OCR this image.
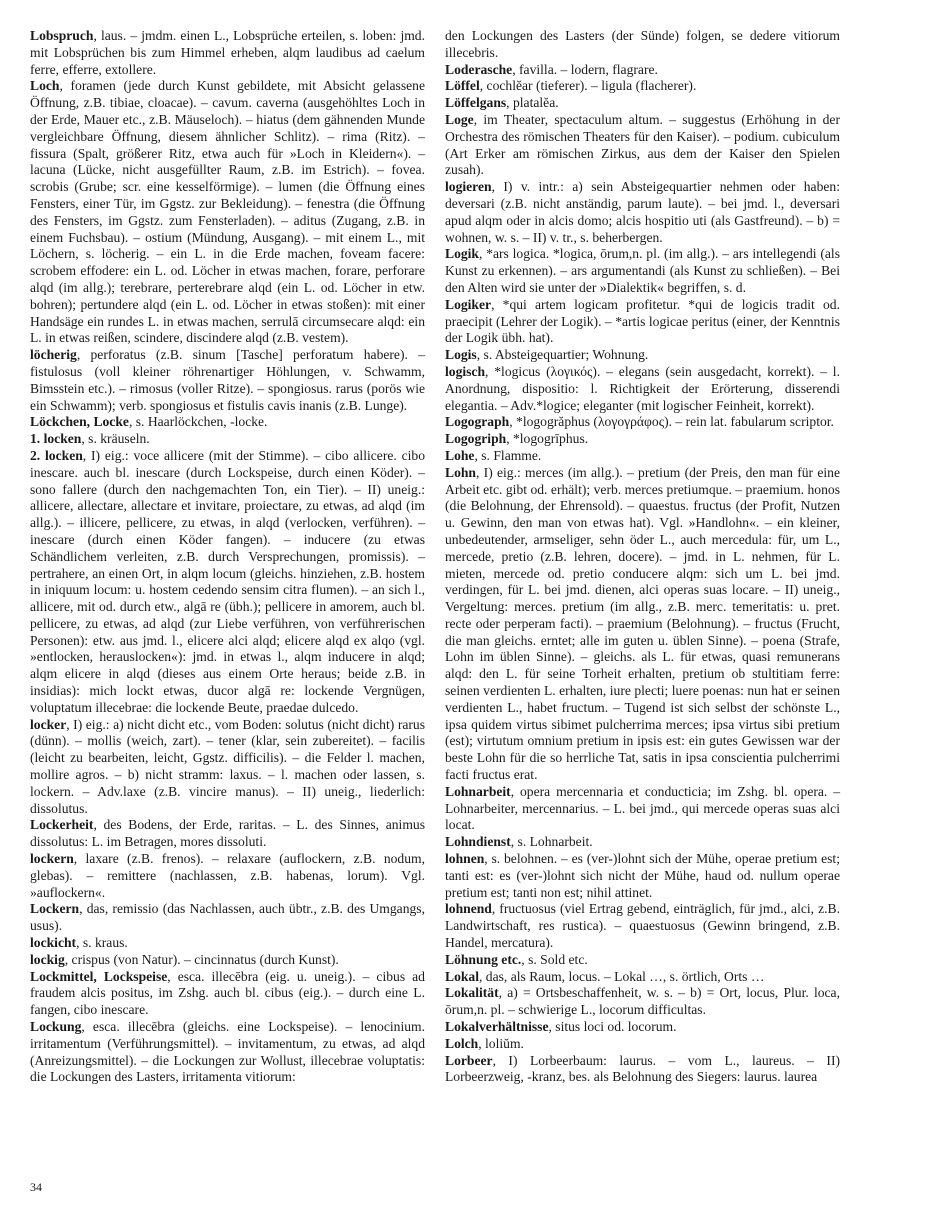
Lobspruch, laus. – jmdm. einen L., Lobsprüche erteilen, s. loben: jmd. mit Lobsprüchen bis zum Himmel erheben, alqm laudibus ad caelum ferre, efferre, extollere.

Loch, foramen (jede durch Kunst gebildete, mit Absicht gelassene Öffnung, z.B. tibiae, cloacae). – cavum. caverna (ausgehöhltes Loch in der Erde, Mauer etc., z.B. Mäuseloch). – hiatus (dem gähnenden Munde vergleichbare Öffnung, diesem ähnlicher Schlitz). – rima (Ritz). – fissura (Spalt, größerer Ritz, etwa auch für »Loch in Kleidern«). – lacuna (Lücke, nicht ausgefüllter Raum, z.B. im Estrich). – fovea. scrobis (Grube; scr. eine kesselförmige). – lumen (die Öffnung eines Fensters, einer Tür, im Ggstz. zur Bekleidung). – fenestra (die Öffnung des Fensters, im Ggstz. zum Fensterladen). – aditus (Zugang, z.B. in einem Fuchsbau). – ostium (Mündung, Ausgang). – mit einem L., mit Löchern, s. löcherig. – ein L. in die Erde machen, foveam facere: scrobem effodere: ein L. od. Löcher in etwas machen, forare, perforare alqd (im allg.); terebrare, perterebrare alqd (ein L. od. Löcher in etw. bohren); pertundere alqd (ein L. od. Löcher in etwas stoßen): mit einer Handsäge ein rundes L. in etwas machen, serrulā circumsecare alqd: ein L. in etwas reißen, scindere, discindere alqd (z.B. vestem).

löcherig, perforatus (z.B. sinum [Tasche] perforatum habere). – fistulosus (voll kleiner röhrenartiger Höhlungen, v. Schwamm, Bimsstein etc.). – rimosus (voller Ritze). – spongiosus. rarus (porös wie ein Schwamm); verb. spongiosus et fistulis cavis inanis (z.B. Lunge).

Löckchen, Locke, s. Haarlöckchen, -locke.

1. locken, s. kräuseln.

2. locken, I) eig.: voce allicere (mit der Stimme). – cibo allicere. cibo inescare. auch bl. inescare (durch Lockspeise, durch einen Köder). – sono fallere (durch den nachgemachten Ton, ein Tier). – II) uneig.: allicere, allectare, allectare et invitare, proiectare, zu etwas, ad alqd (im allg.). – illicere, pellicere, zu etwas, in alqd (verlocken, verführen). – inescare (durch einen Köder fangen). – inducere (zu etwas Schändlichem verleiten, z.B. durch Versprechungen, promissis). – pertrahere, an einen Ort, in alqm locum (gleichs. hinziehen, z.B. hostem in iniquum locum: u. hostem cedendo sensim citra flumen). – an sich l., allicere, mit od. durch etw., algā re (übh.); pellicere in amorem, auch bl. pellicere, zu etwas, ad alqd (zur Liebe verführen, von verführerischen Personen): etw. aus jmd. l., elicere alci alqd; elicere alqd ex alqo (vgl. »entlocken, herauslocken«): jmd. in etwas l., alqm inducere in alqd; alqm elicere in alqd (dieses aus einem Orte heraus; beide z.B. in insidias): mich lockt etwas, ducor algā re: lockende Vergnügen, voluptatum illecebrae: die lockende Beute, praedae dulcedo.

locker, I) eig.: a) nicht dicht etc., vom Boden: solutus (nicht dicht) rarus (dünn). – mollis (weich, zart). – tener (klar, sein zubereitet). – facilis (leicht zu bearbeiten, leicht, Ggstz. difficilis). – die Felder l. machen, mollire agros. – b) nicht stramm: laxus. – l. machen oder lassen, s. lockern. – Adv.laxe (z.B. vincire manus). – II) uneig., liederlich: dissolutus.

Lockerheit, des Bodens, der Erde, raritas. – L. des Sinnes, animus dissolutus: L. im Betragen, mores dissoluti.

lockern, laxare (z.B. frenos). – relaxare (auflockern, z.B. nodum, glebas). – remittere (nachlassen, z.B. habenas, lorum). Vgl. »auflockern«.

Lockern, das, remissio (das Nachlassen, auch übtr., z.B. des Umgangs, usus).

lockicht, s. kraus.

lockig, crispus (von Natur). – cincinnatus (durch Kunst).

Lockmittel, Lockspeise, esca. illecēbra (eig. u. uneig.). – cibus ad fraudem alcis positus, im Zshg. auch bl. cibus (eig.). – durch eine L. fangen, cibo inescare.

Lockung, esca. illecēbra (gleichs. eine Lockspeise). – lenocinium. irritamentum (Verführungsmittel). – invitamentum, zu etwas, ad alqd (Anreizungsmittel). – die Lockungen zur Wollust, illecebrae voluptatis: die Lockungen des Lasters, irritamenta vitiorum:

den Lockungen des Lasters (der Sünde) folgen, se dedere vitiorum illecebris.

Loderasche, favilla. – lodern, flagrare.

Löffel, cochlĕar (tieferer). – ligula (flacherer).

Löffelgans, platalĕa.

Loge, im Theater, spectaculum altum. – suggestus (Erhöhung in der Orchestra des römischen Theaters für den Kaiser). – podium. cubiculum (Art Erker am römischen Zirkus, aus dem der Kaiser den Spielen zusah).

logieren, I) v. intr.: a) sein Absteigequartier nehmen oder haben: deversari (z.B. nicht anständig, parum laute). – bei jmd. l., deversari apud alqm oder in alcis domo; alcis hospitio uti (als Gastfreund). – b) = wohnen, w. s. – II) v. tr., s. beherbergen.

Logik, *ars logica. *logica, ōrum,n. pl. (im allg.). – ars intellegendi (als Kunst zu erkennen). – ars argumentandi (als Kunst zu schließen). – Bei den Alten wird sie unter der »Dialektik« begriffen, s. d.

Logiker, *qui artem logicam profitetur. *qui de logicis tradit od. praecipit (Lehrer der Logik). – *artis logicae peritus (einer, der Kenntnis der Logik übh. hat).

Logis, s. Absteigequartier; Wohnung.

logisch, *logicus (λογικός). – elegans (sein ausgedacht, korrekt). – l. Anordnung, dispositio: l. Richtigkeit der Erörterung, disserendi elegantia. – Adv.*logice; eleganter (mit logischer Feinheit, korrekt).

Logograph, *logogrăphus (λογογράφος). – rein lat. fabularum scriptor.

Logogriph, *logogrīphus.

Lohe, s. Flamme.

Lohn, I) eig.: merces (im allg.). – pretium (der Preis, den man für eine Arbeit etc. gibt od. erhält); verb. merces pretiumque. – praemium. honos (die Belohnung, der Ehrensold). – quaestus. fructus (der Profit, Nutzen u. Gewinn, den man von etwas hat). Vgl. »Handlohn«. – ein kleiner, unbedeutender, armseliger, sehn öder L., auch mercedula: für, um L., mercede, pretio (z.B. lehren, docere). – jmd. in L. nehmen, für L. mieten, mercede od. pretio conducere alqm: sich um L. bei jmd. verdingen, für L. bei jmd. dienen, alci operas suas locare. – II) uneig., Vergeltung: merces. pretium (im allg., z.B. merc. temeritatis: u. pret. recte oder perperam facti). – praemium (Belohnung). – fructus (Frucht, die man gleichs. erntet; alle im guten u. üblen Sinne). – poena (Strafe, Lohn im üblen Sinne). – gleichs. als L. für etwas, quasi remunerans alqd: den L. für seine Torheit erhalten, pretium ob stultitiam ferre: seinen verdienten L. erhalten, iure plecti; luere poenas: nun hat er seinen verdienten L., habet fructum. – Tugend ist sich selbst der schönste L., ipsa quidem virtus sibimet pulcherrima merces; ipsa virtus sibi pretium (est); virtutum omnium pretium in ipsis est: ein gutes Gewissen war der beste Lohn für die so herrliche Tat, satis in ipsa conscientia pulcherrimi facti fructus erat.

Lohnarbeit, opera mercennaria et conducticia; im Zshg. bl. opera. – Lohnarbeiter, mercennarius. – L. bei jmd., qui mercede operas suas alci locat.

Lohndienst, s. Lohnarbeit.

lohnen, s. belohnen. – es (ver-)lohnt sich der Mühe, operae pretium est; tanti est: es (ver-)lohnt sich nicht der Mühe, haud od. nullum operae pretium est; tanti non est; nihil attinet.

lohnend, fructuosus (viel Ertrag gebend, einträglich, für jmd., alci, z.B. Landwirtschaft, res rustica). – quaestuosus (Gewinn bringend, z.B. Handel, mercatura).

Löhnung etc., s. Sold etc.

Lokal, das, als Raum, locus. – Lokal …, s. örtlich, Orts …

Lokalität, a) = Ortsbeschaffenheit, w. s. – b) = Ort, locus, Plur. loca, ōrum,n. pl. – schwierige L., locorum difficultas.

Lokalverhältnisse, situs loci od. locorum.

Lolch, loliŭm.

Lorbeer, I) Lorbeerbaum: laurus. – vom L., laureus. – II) Lorbeerzweig, -kranz, bes. als Belohnung des Siegers: laurus. laurea

34
